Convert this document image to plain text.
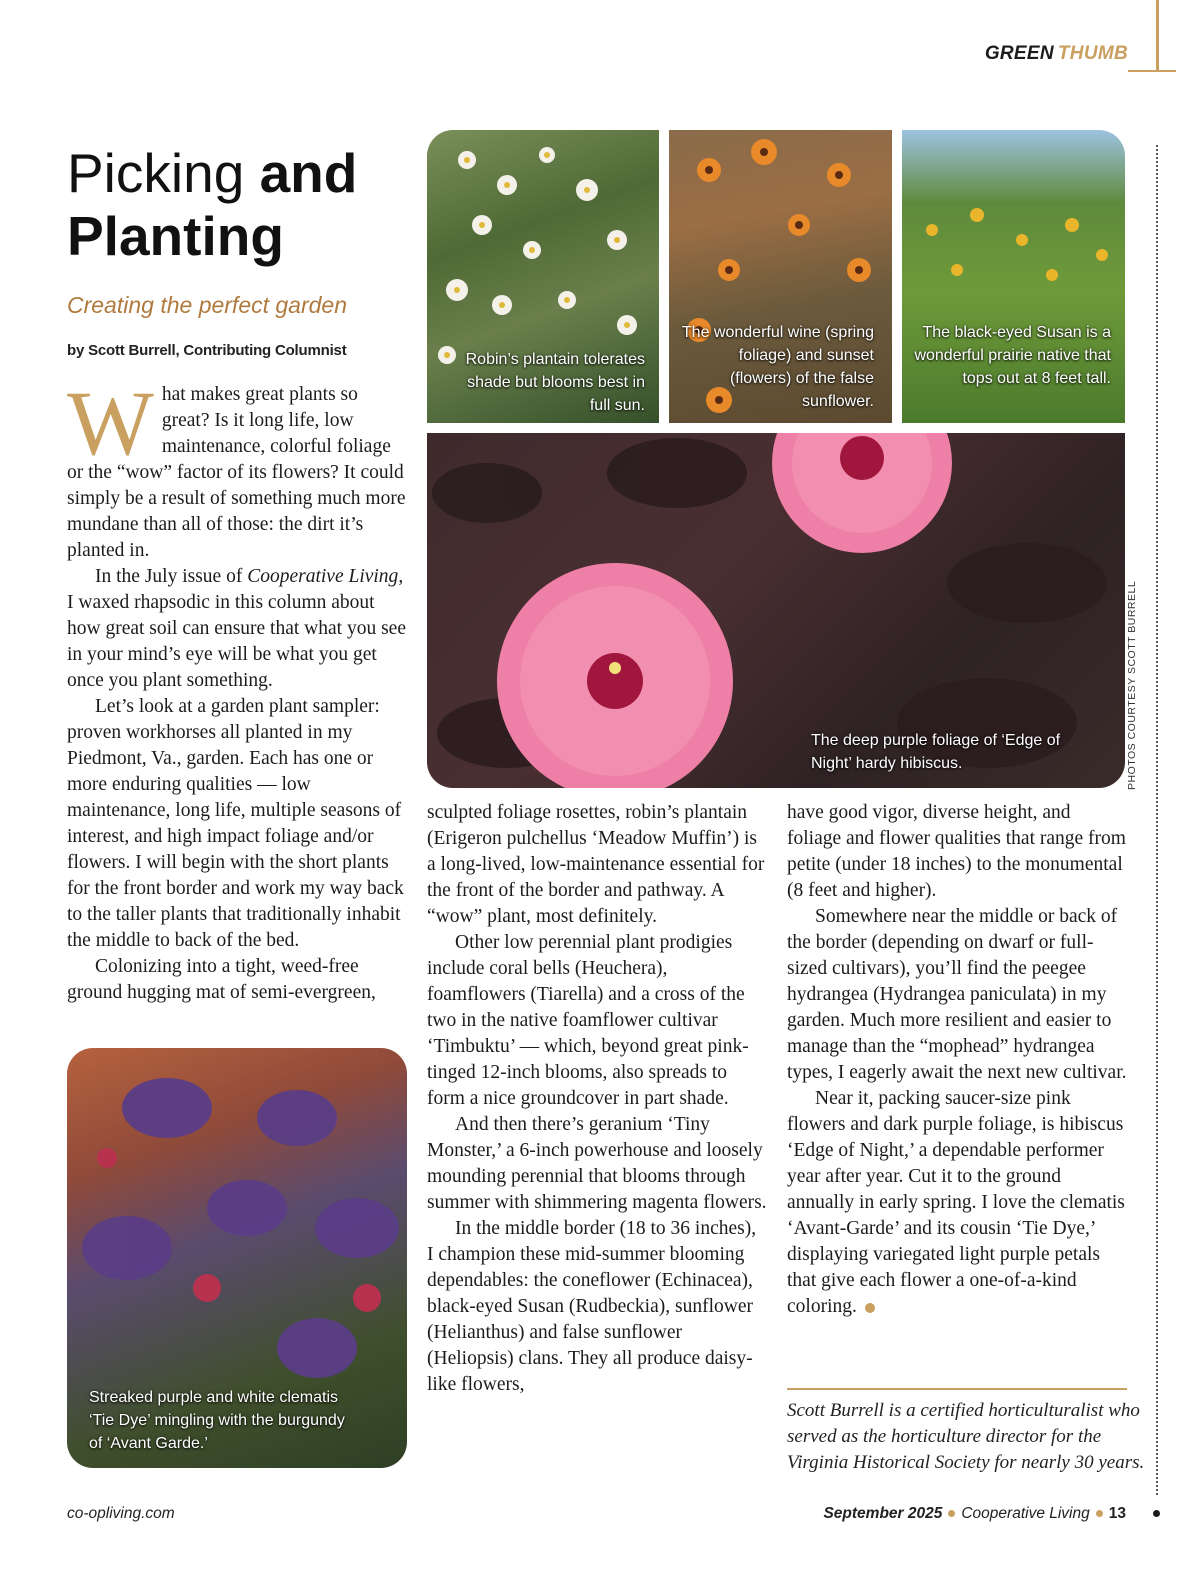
GREEN THUMB
Picking and
Planting
Creating the perfect garden
by Scott Burrell, Contributing Columnist

What makes great plants so great? Is it long life, low maintenance, colorful foliage or the “wow” factor of its flowers? It could simply be a result of something much more mundane than all of those: the dirt it’s planted in.

In the July issue of Cooperative Living, I waxed rhapsodic in this column about how great soil can ensure that what you see in your mind’s eye will be what you get once you plant something.

Let’s look at a garden plant sampler: proven workhorses all planted in my Piedmont, Va., garden. Each has one or more enduring qualities — low maintenance, long life, multiple seasons of interest, and high impact foliage and/or flowers. I will begin with the short plants for the front border and work my way back to the taller plants that traditionally inhabit the middle to back of the bed.

Colonizing into a tight, weed-free ground hugging mat of semi-evergreen,

Robin’s plantain tolerates shade but blooms best in full sun.
The wonderful wine (spring foliage) and sunset (flowers) of the false sunflower.
The black-eyed Susan is a wonderful prairie native that tops out at 8 feet tall.
The deep purple foliage of ‘Edge of Night’ hardy hibiscus.	PHOTOS COURTESY SCOTT BURRELL
Streaked purple and white clematis ‘Tie Dye’ mingling with the burgundy of ‘Avant Garde.’

sculpted foliage rosettes, robin’s plantain (Erigeron pulchellus ‘Meadow Muffin’) is a long-lived, low-maintenance essential for the front of the border and pathway. A “wow” plant, most definitely.

Other low perennial plant prodigies include coral bells (Heuchera), foamflowers (Tiarella) and a cross of the two in the native foamflower cultivar ‘Timbuktu’ — which, beyond great pink-tinged 12-inch blooms, also spreads to form a nice groundcover in part shade.

And then there’s geranium ‘Tiny Monster,’ a 6-inch powerhouse and loosely mounding perennial that blooms through summer with shimmering magenta flowers.

In the middle border (18 to 36 inches), I champion these mid-summer blooming dependables: the coneflower (Echinacea), black-eyed Susan (Rudbeckia), sunflower (Helianthus) and false sunflower (Heliopsis) clans. They all produce daisy-like flowers,

have good vigor, diverse height, and foliage and flower qualities that range from petite (under 18 inches) to the monumental (8 feet and higher).

Somewhere near the middle or back of the border (depending on dwarf or full-sized cultivars), you’ll find the peegee hydrangea (Hydrangea paniculata) in my garden. Much more resilient and easier to manage than the “mophead” hydrangea types, I eagerly await the next new cultivar.

Near it, packing saucer-size pink flowers and dark purple foliage, is hibiscus ‘Edge of Night,’ a dependable performer year after year. Cut it to the ground annually in early spring. I love the clematis ‘Avant-Garde’ and its cousin ‘Tie Dye,’ displaying variegated light purple petals that give each flower a one-of-a-kind coloring.

Scott Burrell is a certified horticulturalist who served as the horticulture director for the Virginia Historical Society for nearly 30 years.
co-opliving.com	September 2025 Cooperative Living 13
